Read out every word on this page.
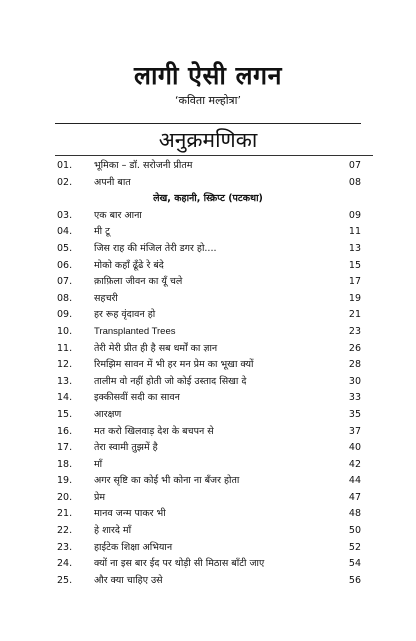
लागी ऐसी लगन
‘कविता मल्होत्रा’
अनुक्रमणिका
01. भूमिका – डॉ. सरोजनी प्रीतम	07
02. अपनी बात	08
लेख, कहानी, स्क्रिप्ट (पटकथा)
03. एक बार आना	09
04. मी टू	11
05. जिस राह की मंजिल तेरी डगर हो....	13
06. मोको कहाँ ढूँढे रे बंदे	15
07. क़ाफ़िला जीवन का यूँ चले	17
08. सहचरी	19
09. हर रूह वृंदावन हो	21
10. Transplanted Trees	23
11. तेरी मेरी प्रीत ही है सब धर्मों का ज्ञान	26
12. रिमझिम सावन में भी हर मन प्रेम का भूखा क्यों	28
13. तालीम वो नहीं होती जो कोई उस्ताद सिखा दे	30
14. इक्कीसवीं सदी का सावन	33
15. आरक्षण	35
16. मत करो खिलवाड़ देश के बचपन से	37
17. तेरा स्वामी तुझमें है	40
18. माँ	42
19. अगर सृष्टि का कोई भी कोना ना बँजर होता	44
20. प्रेम	47
21. मानव जन्म पाकर भी	48
22. हे शारदे माँ	50
23. हाईटेक शिक्षा अभियान	52
24. क्यों ना इस बार ईद पर थोड़ी सी मिठास बाँटी जाए	54
25. और क्या चाहिए उसे	56
